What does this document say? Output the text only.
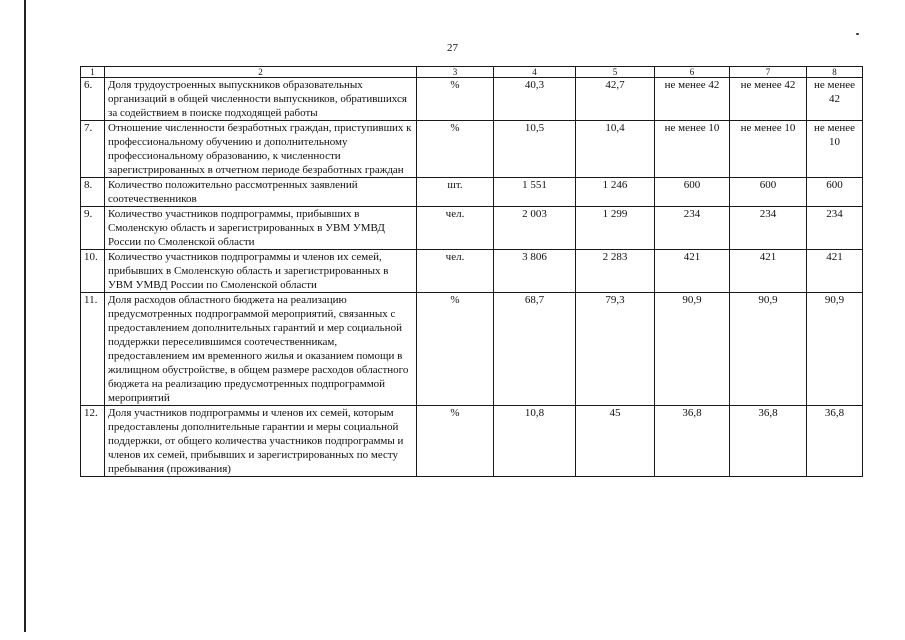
27
1	2	3	4	5	6	7	8
6.	Доля трудоустроенных выпускников образовательных организаций в общей численности выпускников, обратившихся за содействием в поиске подходящей работы	%	40,3	42,7	не менее 42	не менее 42	не менее 42
7.	Отношение численности безработных граждан, приступивших к профессиональному обучению и дополнительному профессиональному образованию, к численности зарегистрированных в отчетном периоде безработных граждан	%	10,5	10,4	не менее 10	не менее 10	не менее 10
8.	Количество положительно рассмотренных заявлений соотечественников	шт.	1 551	1 246	600	600	600
9.	Количество участников подпрограммы, прибывших в Смоленскую область и зарегистрированных в УВМ УМВД России по Смоленской области	чел.	2 003	1 299	234	234	234
10.	Количество участников подпрограммы и членов их семей, прибывших в Смоленскую область и зарегистрированных в УВМ УМВД России по Смоленской области	чел.	3 806	2 283	421	421	421
11.	Доля расходов областного бюджета на реализацию предусмотренных подпрограммой мероприятий, связанных с предоставлением дополнительных гарантий и мер социальной поддержки переселившимся соотечественникам, предоставлением им временного жилья и оказанием помощи в жилищном обустройстве, в общем размере расходов областного бюджета на реализацию предусмотренных подпрограммой мероприятий	%	68,7	79,3	90,9	90,9	90,9
12.	Доля участников подпрограммы и членов их семей, которым предоставлены дополнительные гарантии и меры социальной поддержки, от общего количества участников подпрограммы и членов их семей, прибывших и зарегистрированных по месту пребывания (проживания)	%	10,8	45	36,8	36,8	36,8
